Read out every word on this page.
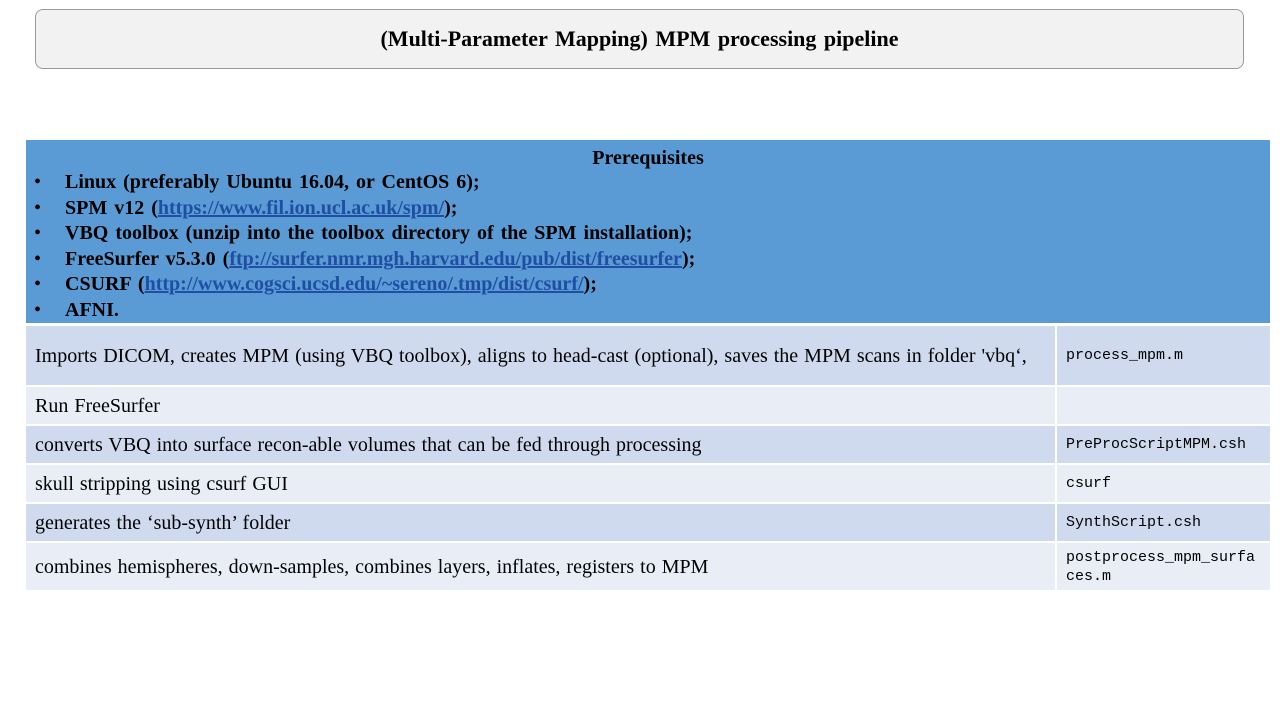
(Multi-Parameter Mapping) MPM processing pipeline
Prerequisites
• Linux (preferably Ubuntu 16.04, or CentOS 6);
• SPM v12 (https://www.fil.ion.ucl.ac.uk/spm/);
• VBQ toolbox (unzip into the toolbox directory of the SPM installation);
• FreeSurfer v5.3.0 (ftp://surfer.nmr.mgh.harvard.edu/pub/dist/freesurfer);
• CSURF (http://www.cogsci.ucsd.edu/~sereno/.tmp/dist/csurf/);
• AFNI.
Imports DICOM, creates MPM (using VBQ toolbox), aligns to head-cast (optional), saves the MPM scans in folder 'vbq‘,	process_mpm.m
Run FreeSurfer
converts VBQ into surface recon-able volumes that can be fed through processing	PreProcScriptMPM.csh
skull stripping using csurf GUI	csurf
generates the ‘sub-synth’ folder	SynthScript.csh
combines hemispheres, down-samples, combines layers, inflates, registers to MPM	postprocess_mpm_surfaces.m
